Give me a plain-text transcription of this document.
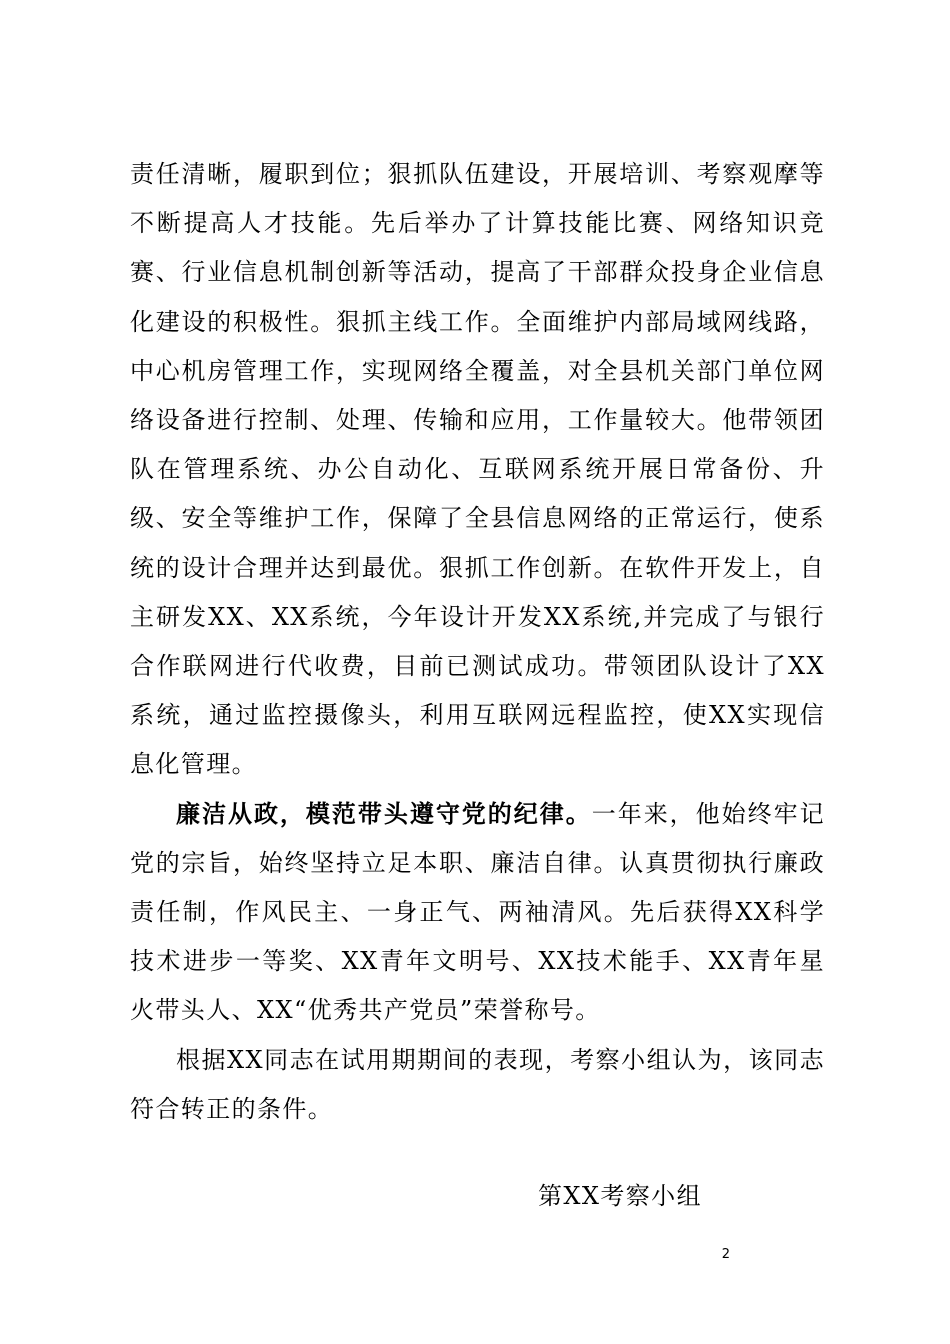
责任清晰，履职到位；狠抓队伍建设，开展培训、考察观摩等不断提高人才技能。先后举办了计算技能比赛、网络知识竞赛、行业信息机制创新等活动，提高了干部群众投身企业信息化建设的积极性。狠抓主线工作。全面维护内部局域网线路，中心机房管理工作，实现网络全覆盖，对全县机关部门单位网络设备进行控制、处理、传输和应用，工作量较大。他带领团队在管理系统、办公自动化、互联网系统开展日常备份、升级、安全等维护工作，保障了全县信息网络的正常运行，使系统的设计合理并达到最优。狠抓工作创新。在软件开发上，自主研发XX、XX系统，今年设计开发XX系统,并完成了与银行合作联网进行代收费，目前已测试成功。带领团队设计了XX系统，通过监控摄像头，利用互联网远程监控，使XX实现信息化管理。

廉洁从政，模范带头遵守党的纪律。一年来，他始终牢记党的宗旨，始终坚持立足本职、廉洁自律。认真贯彻执行廉政责任制，作风民主、一身正气、两袖清风。先后获得XX科学技术进步一等奖、XX青年文明号、XX技术能手、XX青年星火带头人、XX“优秀共产党员”荣誉称号。

根据XX同志在试用期期间的表现，考察小组认为，该同志符合转正的条件。

第XX考察小组
2
